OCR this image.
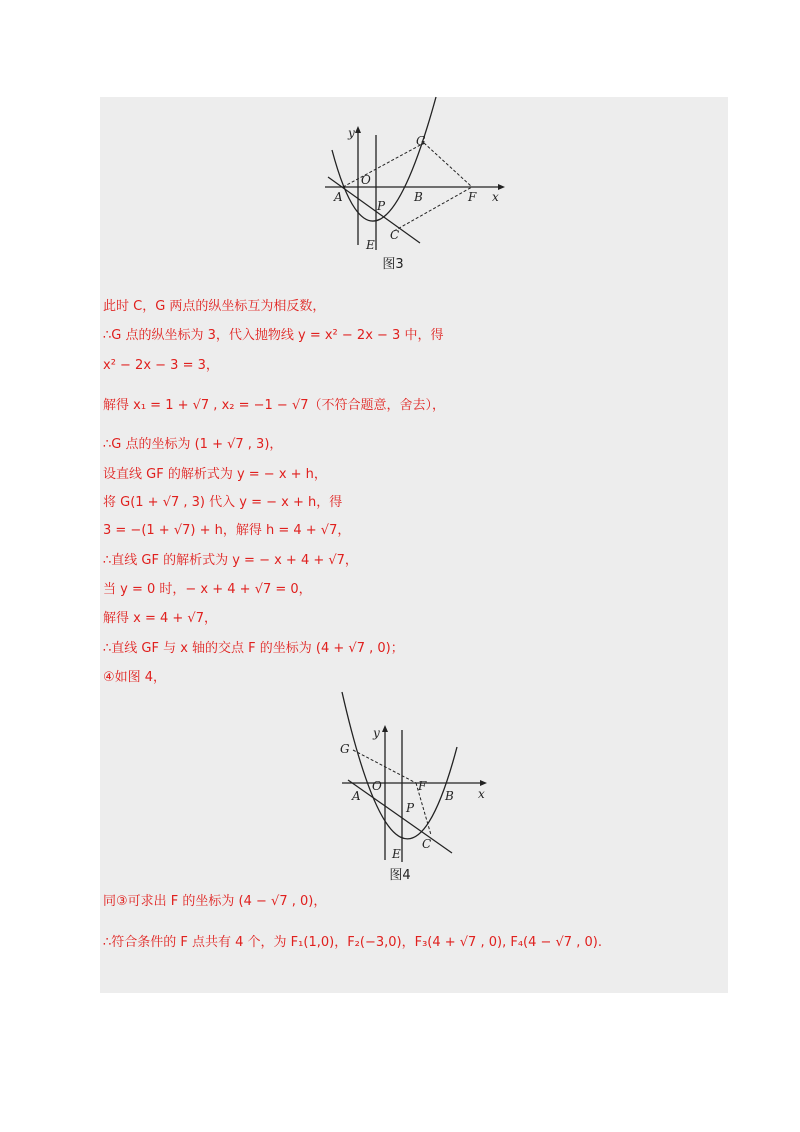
y
x
O
A	B
C
E
F
G
P
图3
此时 C，G 两点的纵坐标互为相反数，
∴G 点的纵坐标为 3，代入抛物线 y = x² − 2x − 3 中，得
x² − 2x − 3 = 3，
解得 x₁ = 1 + √7 , x₂ = −1 − √7（不符合题意，舍去），
∴G 点的坐标为 (1 + √7 , 3)，
设直线 GF 的解析式为 y = − x + h，
将 G(1 + √7 , 3) 代入 y = − x + h，得
3 = −(1 + √7) + h，解得 h = 4 + √7，
∴直线 GF 的解析式为 y = − x + 4 + √7，
当 y = 0 时，− x + 4 + √7 = 0，
解得 x = 4 + √7，
∴直线 GF 与 x 轴的交点 F 的坐标为 (4 + √7 , 0)；
④如图 4，
y
x
O
A	B
C
E
F
G
P
图4
同③可求出 F 的坐标为 (4 − √7 , 0)，
∴符合条件的 F 点共有 4 个，为 F₁(1,0)，F₂(−3,0)，F₃(4 + √7 , 0), F₄(4 − √7 , 0).
